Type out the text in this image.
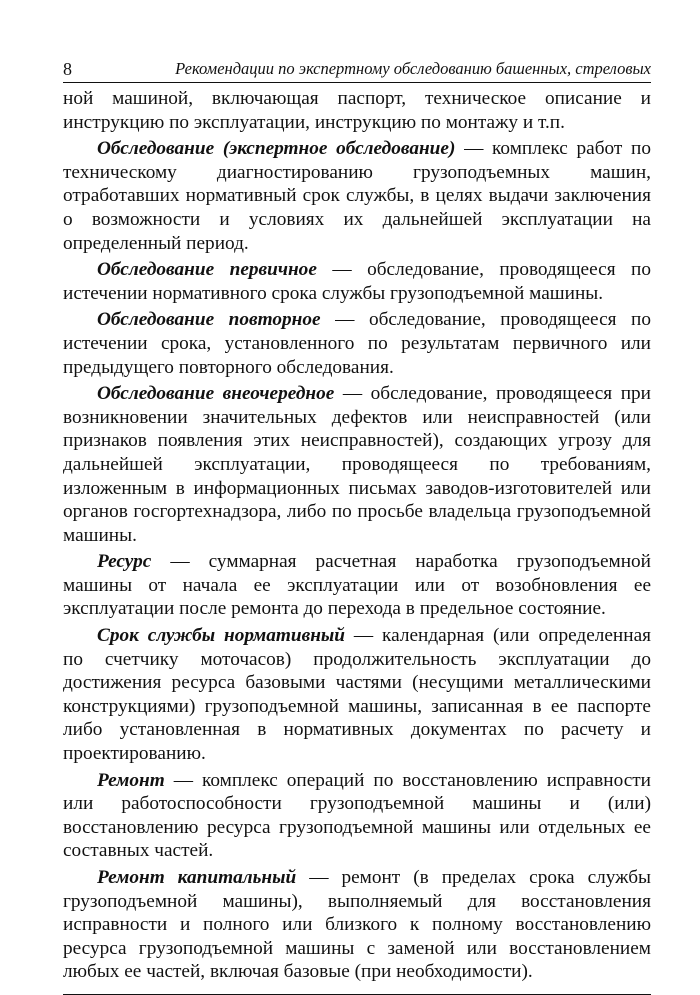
8	Рекомендации по экспертному обследованию башенных, стреловых

ной машиной, включающая паспорт, техническое описание и инструкцию по эксплуатации, инструкцию по монтажу и т.п.

Обследование (экспертное обследование) — комплекс работ по техническому диагностированию грузоподъемных машин, отработавших нормативный срок службы, в целях выдачи заключения о возможности и условиях их дальнейшей эксплуатации на определенный период.

Обследование первичное — обследование, проводящееся по истечении нормативного срока службы грузоподъемной машины.

Обследование повторное — обследование, проводящееся по истечении срока, установленного по результатам первичного или предыдущего повторного обследования.

Обследование внеочередное — обследование, проводящееся при возникновении значительных дефектов или неисправностей (или признаков появления этих неисправностей), создающих угрозу для дальнейшей эксплуатации, проводящееся по требованиям, изложенным в информационных письмах заводов-изготовителей или органов госгортехнадзора, либо по просьбе владельца грузоподъемной машины.

Ресурс — суммарная расчетная наработка грузоподъемной машины от начала ее эксплуатации или от возобновления ее эксплуатации после ремонта до перехода в предельное состояние.

Срок службы нормативный — календарная (или определенная по счетчику моточасов) продолжительность эксплуатации до достижения ресурса базовыми частями (несущими металлическими конструкциями) грузоподъемной машины, записанная в ее паспорте либо установленная в нормативных документах по расчету и проектированию.

Ремонт — комплекс операций по восстановлению исправности или работоспособности грузоподъемной машины и (или) восстановлению ресурса грузоподъемной машины или отдельных ее составных частей.

Ремонт капитальный — ремонт (в пределах срока службы грузоподъемной машины), выполняемый для восстановления исправности и полного или близкого к полному восстановлению ресурса грузоподъемной машины с заменой или восстановлением любых ее частей, включая базовые (при необходимости).
